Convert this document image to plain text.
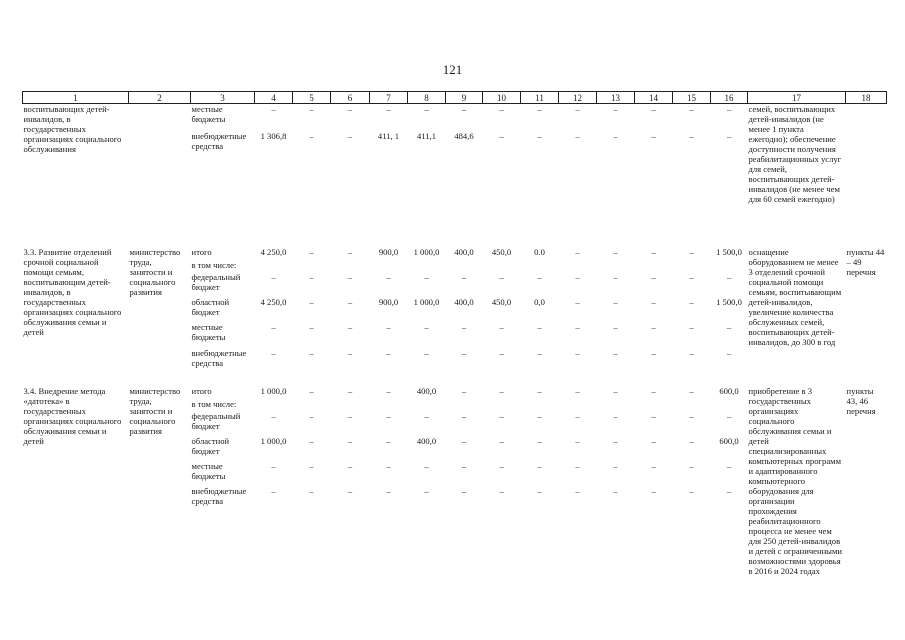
121
1	2	3	4	5	6	7	8	9	10	11	12	13	14	15	16	17	18
воспитывающих детей-инвалидов, в государственных организациях социального обслуживания		местные бюджеты	–	–	–	–	–	–	–	–	–	–	–	–	–	семей, воспитывающих детей-инвалидов (не менее 1 пункта ежегодно); обеспечение доступности получения реабилитационных услуг для семей, воспитывающих детей-инвалидов (не менее чем для 60 семей ежегодно)	
		внебюджетные средства	1 306,8	–	–	411, 1	411,1	484,6	–	–	–	–	–	–	–		

3.3. Развитие отделений срочной социальной помощи семьям, воспитывающим детей-инвалидов, в государственных организациях социального обслуживания семьи и детей	министерство труда, занятости и социального развития	итого	4 250,0	–	–	900,0	1 000,0	400,0	450,0	0.0	–	–	–	–	1 500,0	оснащение оборудованием не менее 3 отделений срочной социальной помощи семьям, воспитывающим детей-инвалидов, увеличение количества обслуженных семей, воспитывающих детей-инвалидов, до 300 в год	пункты 44 – 49 перечня
		в том числе:															
		федеральный бюджет	–	–	–	–	–	–	–	–	–	–	–	–	–		
		областной бюджет	4 250,0	–	–	900,0	1 000,0	400,0	450,0	0,0	–	–	–	–	1 500,0		
		местные бюджеты	–	–	–	–	–	–	–	–	–	–	–	–	–		
		внебюджетные средства	–	–	–	–	–	–	–	–	–	–	–	–	–		

3.4. Внедрение метода «датотека» в государственных организациях социального обслуживания семьи и детей	министерство труда, занятости и социального развития	итого	1 000,0	–	–	–	400,0	–	–	–	–	–	–	–	600,0	приобретение в 3 государственных организациях социального обслуживания семьи и детей специализированных компьютерных программ и адаптированного компьютерного оборудования для организации прохождения реабилитационного процесса не менее чем для 250 детей-инвалидов и детей с ограниченными возможностями здоровья в 2016 и 2024 годах	пункты 43, 46 перечня
		в том числе:															
		федеральный бюджет	–	–	–	–	–	–	–	–	–	–	–	–	–		
		областной бюджет	1 000,0	–	–	–	400,0	–	–	–	–	–	–	–	600,0		
		местные бюджеты	–	–	–	–	–	–	–	–	–	–	–	–	–		
		внебюджетные средства	–	–	–	–	–	–	–	–	–	–	–	–	–		
